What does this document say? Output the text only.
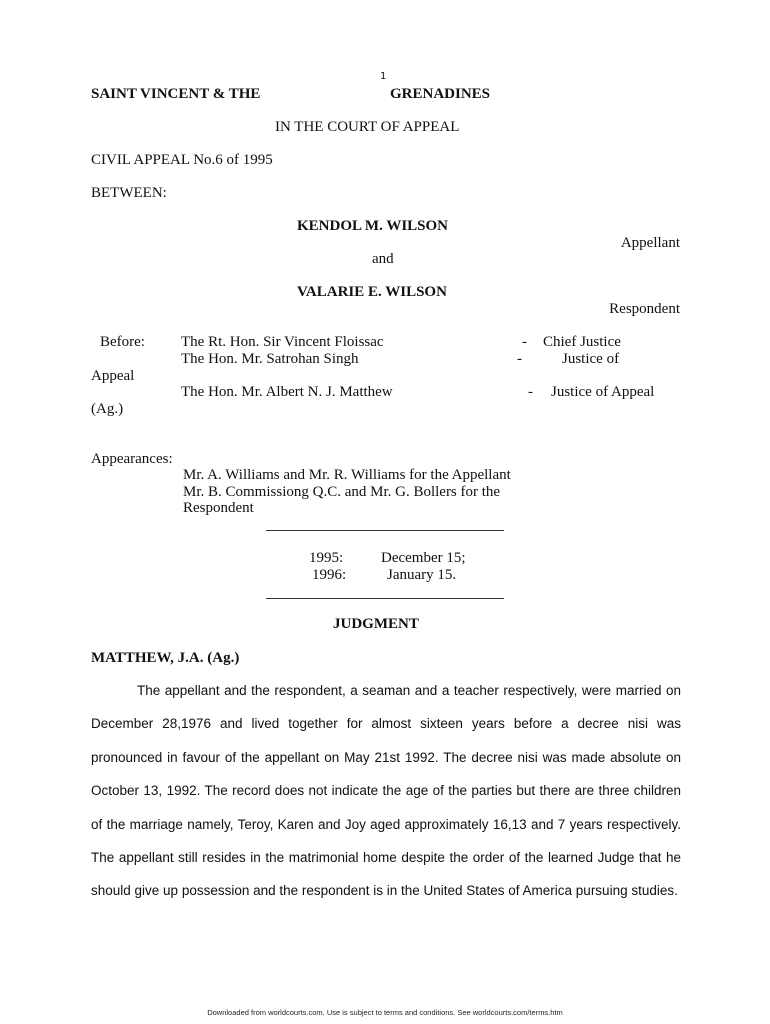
1
SAINT VINCENT & THE	GRENADINES
IN THE COURT OF APPEAL
CIVIL APPEAL No.6 of 1995
BETWEEN:
KENDOL M. WILSON
Appellant
and
VALARIE E. WILSON
Respondent
Before: The Rt. Hon. Sir Vincent Floissac	- Chief Justice
The Hon. Mr. Satrohan Singh	-	Justice of
Appeal
The Hon. Mr. Albert N. J. Matthew	- Justice of Appeal
(Ag.)
Appearances:
Mr. A. Williams and Mr. R. Williams for the Appellant
Mr. B. Commissiong Q.C. and Mr. G. Bollers for the
Respondent
1995:	December 15;
1996:	January 15.
JUDGMENT
MATTHEW, J.A. (Ag.)

The appellant and the respondent, a seaman and a teacher respectively, were married on December 28,1976 and lived together for almost sixteen years before a decree nisi was pronounced in favour of the appellant on May 21st 1992. The decree nisi was made absolute on October 13, 1992. The record does not indicate the age of the parties but there are three children of the marriage namely, Teroy, Karen and Joy aged approximately 16,13 and 7 years respectively. The appellant still resides in the matrimonial home despite the order of the learned Judge that he should give up possession and the respondent is in the United States of America pursuing studies.

Downloaded from worldcourts.com. Use is subject to terms and conditions. See worldcourts.com/terms.htm
